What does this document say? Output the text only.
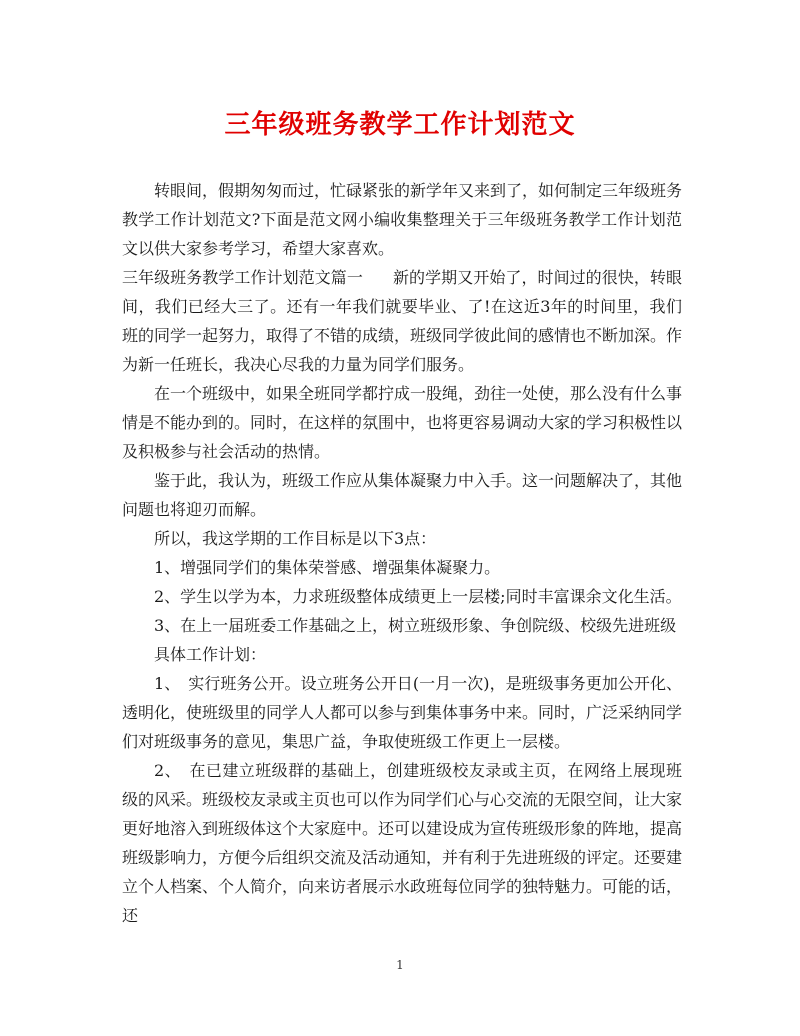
三年级班务教学工作计划范文

转眼间，假期匆匆而过，忙碌紧张的新学年又来到了，如何制定三年级班务教学工作计划范文?下面是范文网小编收集整理关于三年级班务教学工作计划范文以供大家参考学习，希望大家喜欢。

三年级班务教学工作计划范文篇一 新的学期又开始了，时间过的很快，转眼间，我们已经大三了。还有一年我们就要毕业、了!在这近3年的时间里，我们班的同学一起努力，取得了不错的成绩，班级同学彼此间的感情也不断加深。作为新一任班长，我决心尽我的力量为同学们服务。

在一个班级中，如果全班同学都拧成一股绳，劲往一处使，那么没有什么事情是不能办到的。同时，在这样的氛围中，也将更容易调动大家的学习积极性以及积极参与社会活动的热情。

鉴于此，我认为，班级工作应从集体凝聚力中入手。这一问题解决了，其他问题也将迎刃而解。

所以，我这学期的工作目标是以下3点：

1、增强同学们的集体荣誉感、增强集体凝聚力。

2、学生以学为本，力求班级整体成绩更上一层楼;同时丰富课余文化生活。

3、在上一届班委工作基础之上，树立班级形象、争创院级、校级先进班级

具体工作计划：

1、　实行班务公开。设立班务公开日(一月一次)，是班级事务更加公开化、透明化，使班级里的同学人人都可以参与到集体事务中来。同时，广泛采纳同学们对班级事务的意见，集思广益，争取使班级工作更上一层楼。

2、　在已建立班级群的基础上，创建班级校友录或主页，在网络上展现班级的风采。班级校友录或主页也可以作为同学们心与心交流的无限空间，让大家更好地溶入到班级体这个大家庭中。还可以建设成为宣传班级形象的阵地，提高班级影响力，方便今后组织交流及活动通知，并有利于先进班级的评定。还要建立个人档案、个人简介，向来访者展示水政班每位同学的独特魅力。可能的话，还

1
